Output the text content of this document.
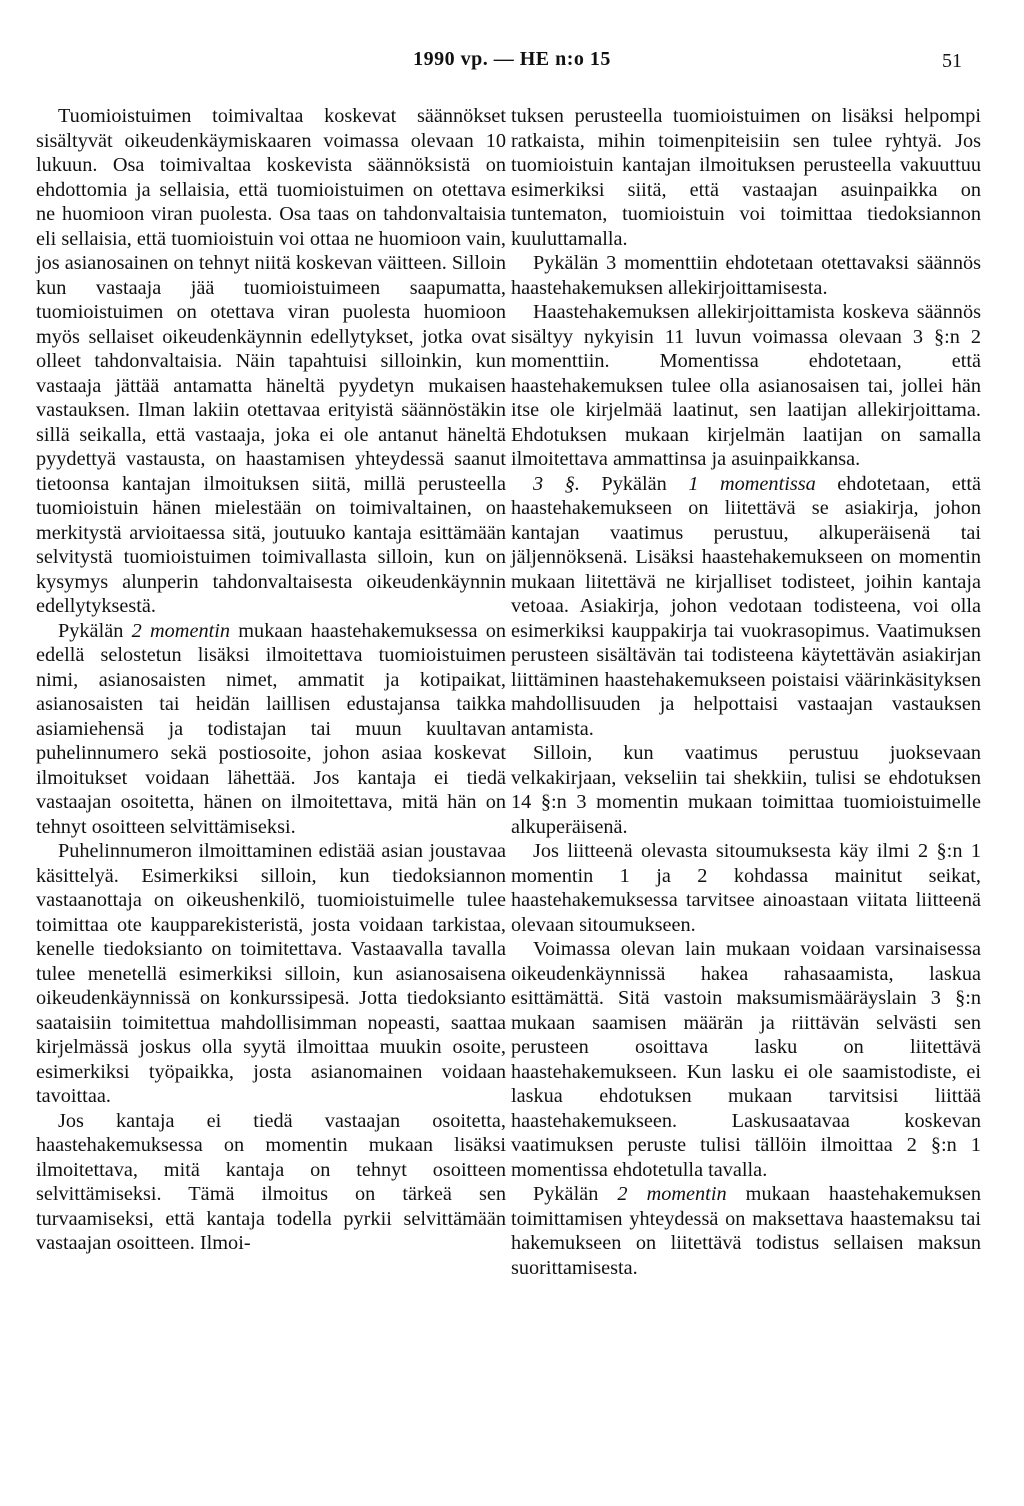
1990 vp. — HE n:o 15	51

Tuomioistuimen toimivaltaa koskevat säännökset sisältyvät oikeudenkäymiskaaren voimassa olevaan 10 lukuun. Osa toimivaltaa koskevista säännöksistä on ehdottomia ja sellaisia, että tuomioistuimen on otettava ne huomioon viran puolesta. Osa taas on tahdonvaltaisia eli sellaisia, että tuomioistuin voi ottaa ne huomioon vain, jos asianosainen on tehnyt niitä koskevan väitteen. Silloin kun vastaaja jää tuomioistuimeen saapumatta, tuomioistuimen on otettava viran puolesta huomioon myös sellaiset oikeudenkäynnin edellytykset, jotka ovat olleet tahdonvaltaisia. Näin tapahtuisi silloinkin, kun vastaaja jättää antamatta häneltä pyydetyn mukaisen vastauksen. Ilman lakiin otettavaa erityistä säännöstäkin sillä seikalla, että vastaaja, joka ei ole antanut häneltä pyydettyä vastausta, on haastamisen yhteydessä saanut tietoonsa kantajan ilmoituksen siitä, millä perusteella tuomioistuin hänen mielestään on toimivaltainen, on merkitystä arvioitaessa sitä, joutuuko kantaja esittämään selvitystä tuomioistuimen toimivallasta silloin, kun on kysymys alunperin tahdonvaltaisesta oikeudenkäynnin edellytyksestä.

Pykälän 2 momentin mukaan haastehakemuksessa on edellä selostetun lisäksi ilmoitettava tuomioistuimen nimi, asianosaisten nimet, ammatit ja kotipaikat, asianosaisten tai heidän laillisen edustajansa taikka asiamiehensä ja todistajan tai muun kuultavan puhelinnumero sekä postiosoite, johon asiaa koskevat ilmoitukset voidaan lähettää. Jos kantaja ei tiedä vastaajan osoitetta, hänen on ilmoitettava, mitä hän on tehnyt osoitteen selvittämiseksi.

Puhelinnumeron ilmoittaminen edistää asian joustavaa käsittelyä. Esimerkiksi silloin, kun tiedoksiannon vastaanottaja on oikeushenkilö, tuomioistuimelle tulee toimittaa ote kaupparekisteristä, josta voidaan tarkistaa, kenelle tiedoksianto on toimitettava. Vastaavalla tavalla tulee menetellä esimerkiksi silloin, kun asianosaisena oikeudenkäynnissä on konkurssipesä. Jotta tiedoksianto saataisiin toimitettua mahdollisimman nopeasti, saattaa kirjelmässä joskus olla syytä ilmoittaa muukin osoite, esimerkiksi työpaikka, josta asianomainen voidaan tavoittaa.

Jos kantaja ei tiedä vastaajan osoitetta, haastehakemuksessa on momentin mukaan lisäksi ilmoitettava, mitä kantaja on tehnyt osoitteen selvittämiseksi. Tämä ilmoitus on tärkeä sen turvaamiseksi, että kantaja todella pyrkii selvittämään vastaajan osoitteen. Ilmoi-

tuksen perusteella tuomioistuimen on lisäksi helpompi ratkaista, mihin toimenpiteisiin sen tulee ryhtyä. Jos tuomioistuin kantajan ilmoituksen perusteella vakuuttuu esimerkiksi siitä, että vastaajan asuinpaikka on tuntematon, tuomioistuin voi toimittaa tiedoksiannon kuuluttamalla.

Pykälän 3 momenttiin ehdotetaan otettavaksi säännös haastehakemuksen allekirjoittamisesta.

Haastehakemuksen allekirjoittamista koskeva säännös sisältyy nykyisin 11 luvun voimassa olevaan 3 §:n 2 momenttiin. Momentissa ehdotetaan, että haastehakemuksen tulee olla asianosaisen tai, jollei hän itse ole kirjelmää laatinut, sen laatijan allekirjoittama. Ehdotuksen mukaan kirjelmän laatijan on samalla ilmoitettava ammattinsa ja asuinpaikkansa.

3 §. Pykälän 1 momentissa ehdotetaan, että haastehakemukseen on liitettävä se asiakirja, johon kantajan vaatimus perustuu, alkuperäisenä tai jäljennöksenä. Lisäksi haastehakemukseen on momentin mukaan liitettävä ne kirjalliset todisteet, joihin kantaja vetoaa. Asiakirja, johon vedotaan todisteena, voi olla esimerkiksi kauppakirja tai vuokrasopimus. Vaatimuksen perusteen sisältävän tai todisteena käytettävän asiakirjan liittäminen haastehakemukseen poistaisi väärinkäsityksen mahdollisuuden ja helpottaisi vastaajan vastauksen antamista.

Silloin, kun vaatimus perustuu juoksevaan velkakirjaan, vekseliin tai shekkiin, tulisi se ehdotuksen 14 §:n 3 momentin mukaan toimittaa tuomioistuimelle alkuperäisenä.

Jos liitteenä olevasta sitoumuksesta käy ilmi 2 §:n 1 momentin 1 ja 2 kohdassa mainitut seikat, haastehakemuksessa tarvitsee ainoastaan viitata liitteenä olevaan sitoumukseen.

Voimassa olevan lain mukaan voidaan varsinaisessa oikeudenkäynnissä hakea rahasaamista, laskua esittämättä. Sitä vastoin maksumismääräyslain 3 §:n mukaan saamisen määrän ja riittävän selvästi sen perusteen osoittava lasku on liitettävä haastehakemukseen. Kun lasku ei ole saamistodiste, ei laskua ehdotuksen mukaan tarvitsisi liittää haastehakemukseen. Laskusaatavaa koskevan vaatimuksen peruste tulisi tällöin ilmoittaa 2 §:n 1 momentissa ehdotetulla tavalla.

Pykälän 2 momentin mukaan haastehakemuksen toimittamisen yhteydessä on maksettava haastemaksu tai hakemukseen on liitettävä todistus sellaisen maksun suorittamisesta.
